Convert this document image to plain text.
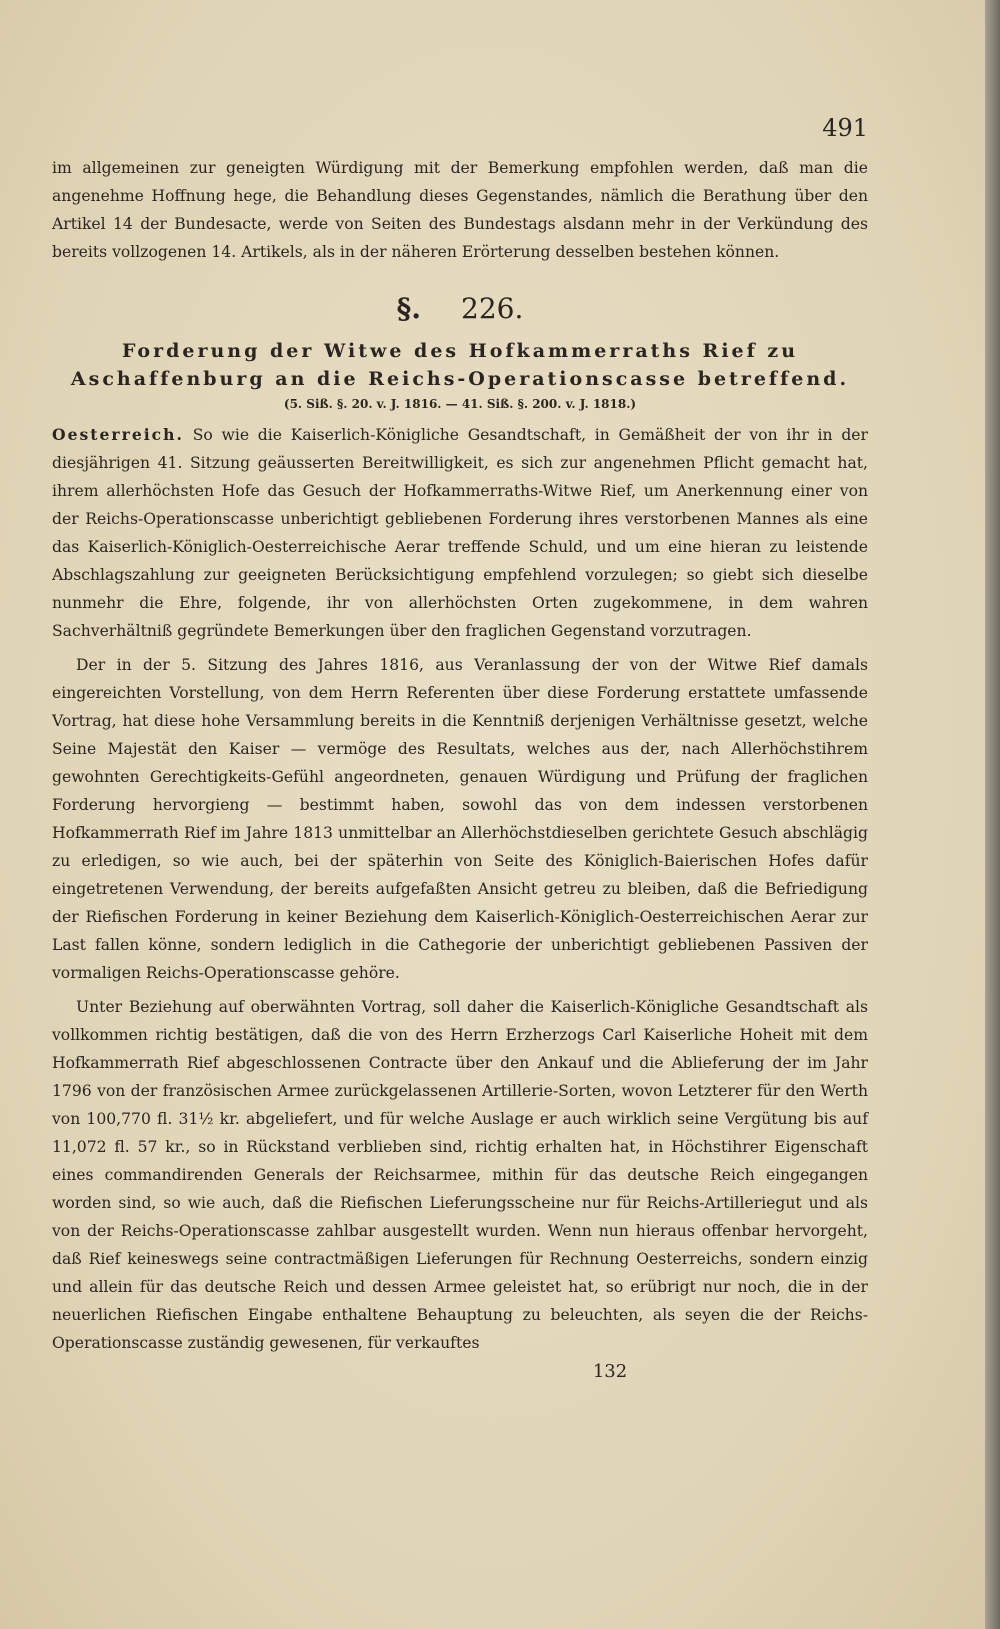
491

im allgemeinen zur geneigten Würdigung mit der Bemerkung empfohlen werden, daß man die angenehme Hoffnung hege, die Behandlung dieses Gegenstandes, nämlich die Berathung über den Artikel 14 der Bundesacte, werde von Seiten des Bundestags alsdann mehr in der Verkündung des bereits vollzogenen 14. Artikels, als in der näheren Erörterung desselben bestehen können.

§. 226.

Forderung der Witwe des Hofkammerraths Rief zu Aschaffenburg an die Reichs-Operationscasse betreffend.

(5. Siß. §. 20. v. J. 1816. — 41. Siß. §. 200. v. J. 1818.)

Oesterreich. So wie die Kaiserlich-Königliche Gesandtschaft, in Gemäßheit der von ihr in der diesjährigen 41. Sitzung geäusserten Bereitwilligkeit, es sich zur angenehmen Pflicht gemacht hat, ihrem allerhöchsten Hofe das Gesuch der Hofkammerraths-Witwe Rief, um Anerkennung einer von der Reichs-Operationscasse unberichtigt gebliebenen Forderung ihres verstorbenen Mannes als eine das Kaiserlich-Königlich-Oesterreichische Aerar treffende Schuld, und um eine hieran zu leistende Abschlagszahlung zur geeigneten Berücksichtigung empfehlend vorzulegen; so giebt sich dieselbe nunmehr die Ehre, folgende, ihr von allerhöchsten Orten zugekommene, in dem wahren Sachverhältniß gegründete Bemerkungen über den fraglichen Gegenstand vorzutragen.

Der in der 5. Sitzung des Jahres 1816, aus Veranlassung der von der Witwe Rief damals eingereichten Vorstellung, von dem Herrn Referenten über diese Forderung erstattete umfassende Vortrag, hat diese hohe Versammlung bereits in die Kenntniß derjenigen Verhältnisse gesetzt, welche Seine Majestät den Kaiser — vermöge des Resultats, welches aus der, nach Allerhöchstihrem gewohnten Gerechtigkeits-Gefühl angeordneten, genauen Würdigung und Prüfung der fraglichen Forderung hervorgieng — bestimmt haben, sowohl das von dem indessen verstorbenen Hofkammerrath Rief im Jahre 1813 unmittelbar an Allerhöchstdieselben gerichtete Gesuch abschlägig zu erledigen, so wie auch, bei der späterhin von Seite des Königlich-Baierischen Hofes dafür eingetretenen Verwendung, der bereits aufgefaßten Ansicht getreu zu bleiben, daß die Befriedigung der Riefischen Forderung in keiner Beziehung dem Kaiserlich-Königlich-Oesterreichischen Aerar zur Last fallen könne, sondern lediglich in die Cathegorie der unberichtigt gebliebenen Passiven der vormaligen Reichs-Operationscasse gehöre.

Unter Beziehung auf oberwähnten Vortrag, soll daher die Kaiserlich-Königliche Gesandtschaft als vollkommen richtig bestätigen, daß die von des Herrn Erzherzogs Carl Kaiserliche Hoheit mit dem Hofkammerrath Rief abgeschlossenen Contracte über den Ankauf und die Ablieferung der im Jahr 1796 von der französischen Armee zurückgelassenen Artillerie-Sorten, wovon Letzterer für den Werth von 100,770 fl. 31½ kr. abgeliefert, und für welche Auslage er auch wirklich seine Vergütung bis auf 11,072 fl. 57 kr., so in Rückstand verblieben sind, richtig erhalten hat, in Höchstihrer Eigenschaft eines commandirenden Generals der Reichsarmee, mithin für das deutsche Reich eingegangen worden sind, so wie auch, daß die Riefischen Lieferungsscheine nur für Reichs-Artilleriegut und als von der Reichs-Operationscasse zahlbar ausgestellt wurden. Wenn nun hieraus offenbar hervorgeht, daß Rief keineswegs seine contractmäßigen Lieferungen für Rechnung Oesterreichs, sondern einzig und allein für das deutsche Reich und dessen Armee geleistet hat, so erübrigt nur noch, die in der neuerlichen Riefischen Eingabe enthaltene Behauptung zu beleuchten, als seyen die der Reichs-Operationscasse zuständig gewesenen, für verkauftes

132
